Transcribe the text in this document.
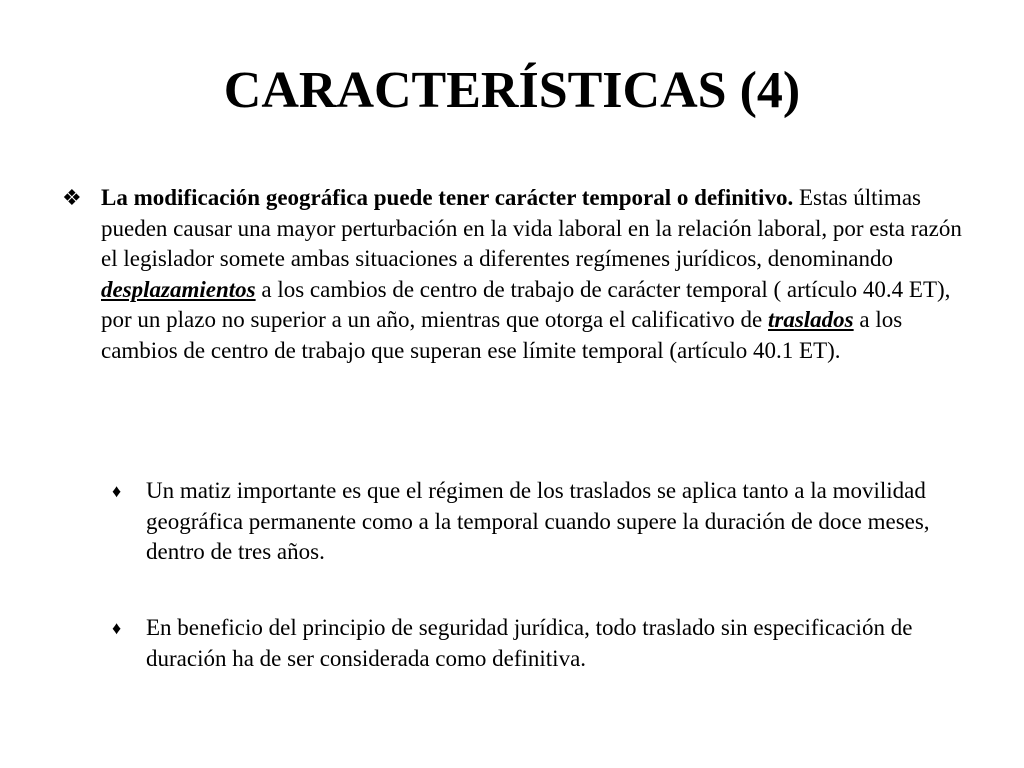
CARACTERÍSTICAS (4)
❖ La modificación geográfica puede tener carácter temporal o definitivo. Estas últimas pueden causar una mayor perturbación en la vida laboral en la relación laboral, por esta razón el legislador somete ambas situaciones a diferentes regímenes jurídicos, denominando desplazamientos a los cambios de centro de trabajo de carácter temporal ( artículo 40.4 ET), por un plazo no superior a un año, mientras que otorga el calificativo de traslados a los cambios de centro de trabajo que superan ese límite temporal (artículo 40.1 ET).
♦ Un matiz importante es que el régimen de los traslados se aplica tanto a la movilidad geográfica permanente como a la temporal cuando supere la duración de doce meses, dentro de tres años.
♦ En beneficio del principio de seguridad jurídica, todo traslado sin especificación de duración ha de ser considerada como definitiva.
